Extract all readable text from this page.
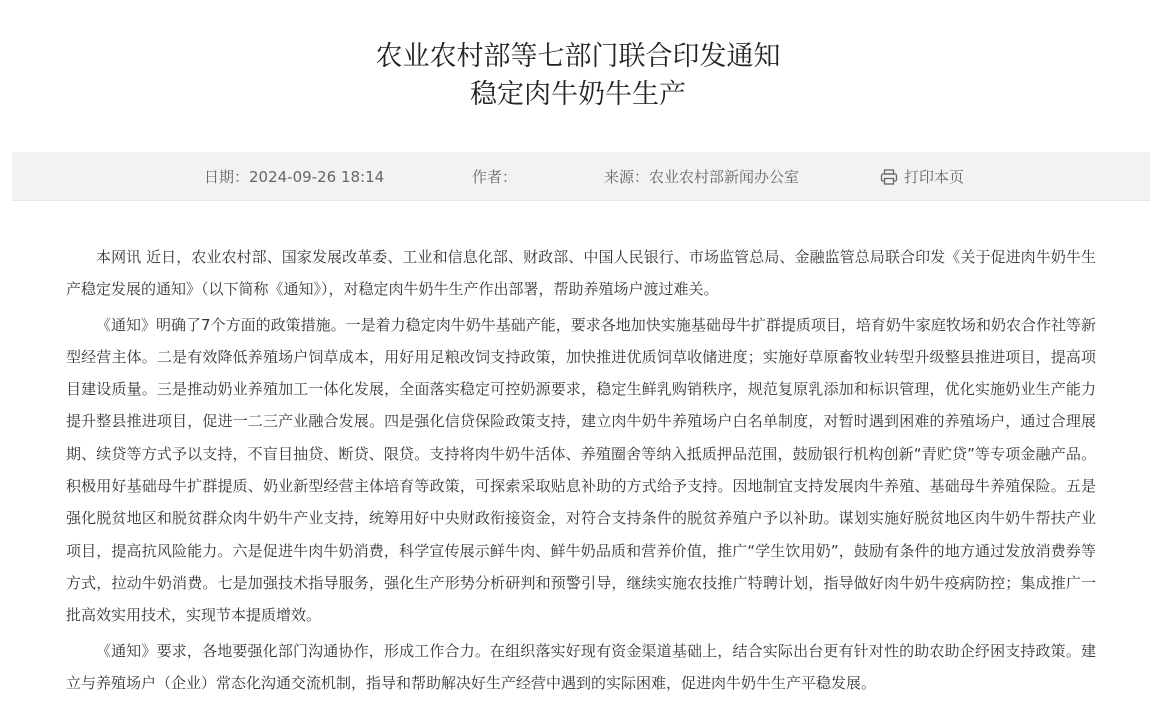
农业农村部等七部门联合印发通知
稳定肉牛奶牛生产
日期：2024-09-26 18:14	作者：	来源：农业农村部新闻办公室	打印本页

本网讯 近日，农业农村部、国家发展改革委、工业和信息化部、财政部、中国人民银行、市场监管总局、金融监管总局联合印发《关于促进肉牛奶牛生产稳定发展的通知》（以下简称《通知》），对稳定肉牛奶牛生产作出部署，帮助养殖场户渡过难关。

《通知》明确了7个方面的政策措施。一是着力稳定肉牛奶牛基础产能，要求各地加快实施基础母牛扩群提质项目，培育奶牛家庭牧场和奶农合作社等新型经营主体。二是有效降低养殖场户饲草成本，用好用足粮改饲支持政策，加快推进优质饲草收储进度；实施好草原畜牧业转型升级整县推进项目，提高项目建设质量。三是推动奶业养殖加工一体化发展，全面落实稳定可控奶源要求，稳定生鲜乳购销秩序，规范复原乳添加和标识管理，优化实施奶业生产能力提升整县推进项目，促进一二三产业融合发展。四是强化信贷保险政策支持，建立肉牛奶牛养殖场户白名单制度，对暂时遇到困难的养殖场户，通过合理展期、续贷等方式予以支持，不盲目抽贷、断贷、限贷。支持将肉牛奶牛活体、养殖圈舍等纳入抵质押品范围，鼓励银行机构创新“青贮贷”等专项金融产品。积极用好基础母牛扩群提质、奶业新型经营主体培育等政策，可探索采取贴息补助的方式给予支持。因地制宜支持发展肉牛养殖、基础母牛养殖保险。五是强化脱贫地区和脱贫群众肉牛奶牛产业支持，统筹用好中央财政衔接资金，对符合支持条件的脱贫养殖户予以补助。谋划实施好脱贫地区肉牛奶牛帮扶产业项目，提高抗风险能力。六是促进牛肉牛奶消费，科学宣传展示鲜牛肉、鲜牛奶品质和营养价值，推广“学生饮用奶”，鼓励有条件的地方通过发放消费券等方式，拉动牛奶消费。七是加强技术指导服务，强化生产形势分析研判和预警引导，继续实施农技推广特聘计划，指导做好肉牛奶牛疫病防控；集成推广一批高效实用技术，实现节本提质增效。

《通知》要求，各地要强化部门沟通协作，形成工作合力。在组织落实好现有资金渠道基础上，结合实际出台更有针对性的助农助企纾困支持政策。建立与养殖场户（企业）常态化沟通交流机制，指导和帮助解决好生产经营中遇到的实际困难，促进肉牛奶牛生产平稳发展。
